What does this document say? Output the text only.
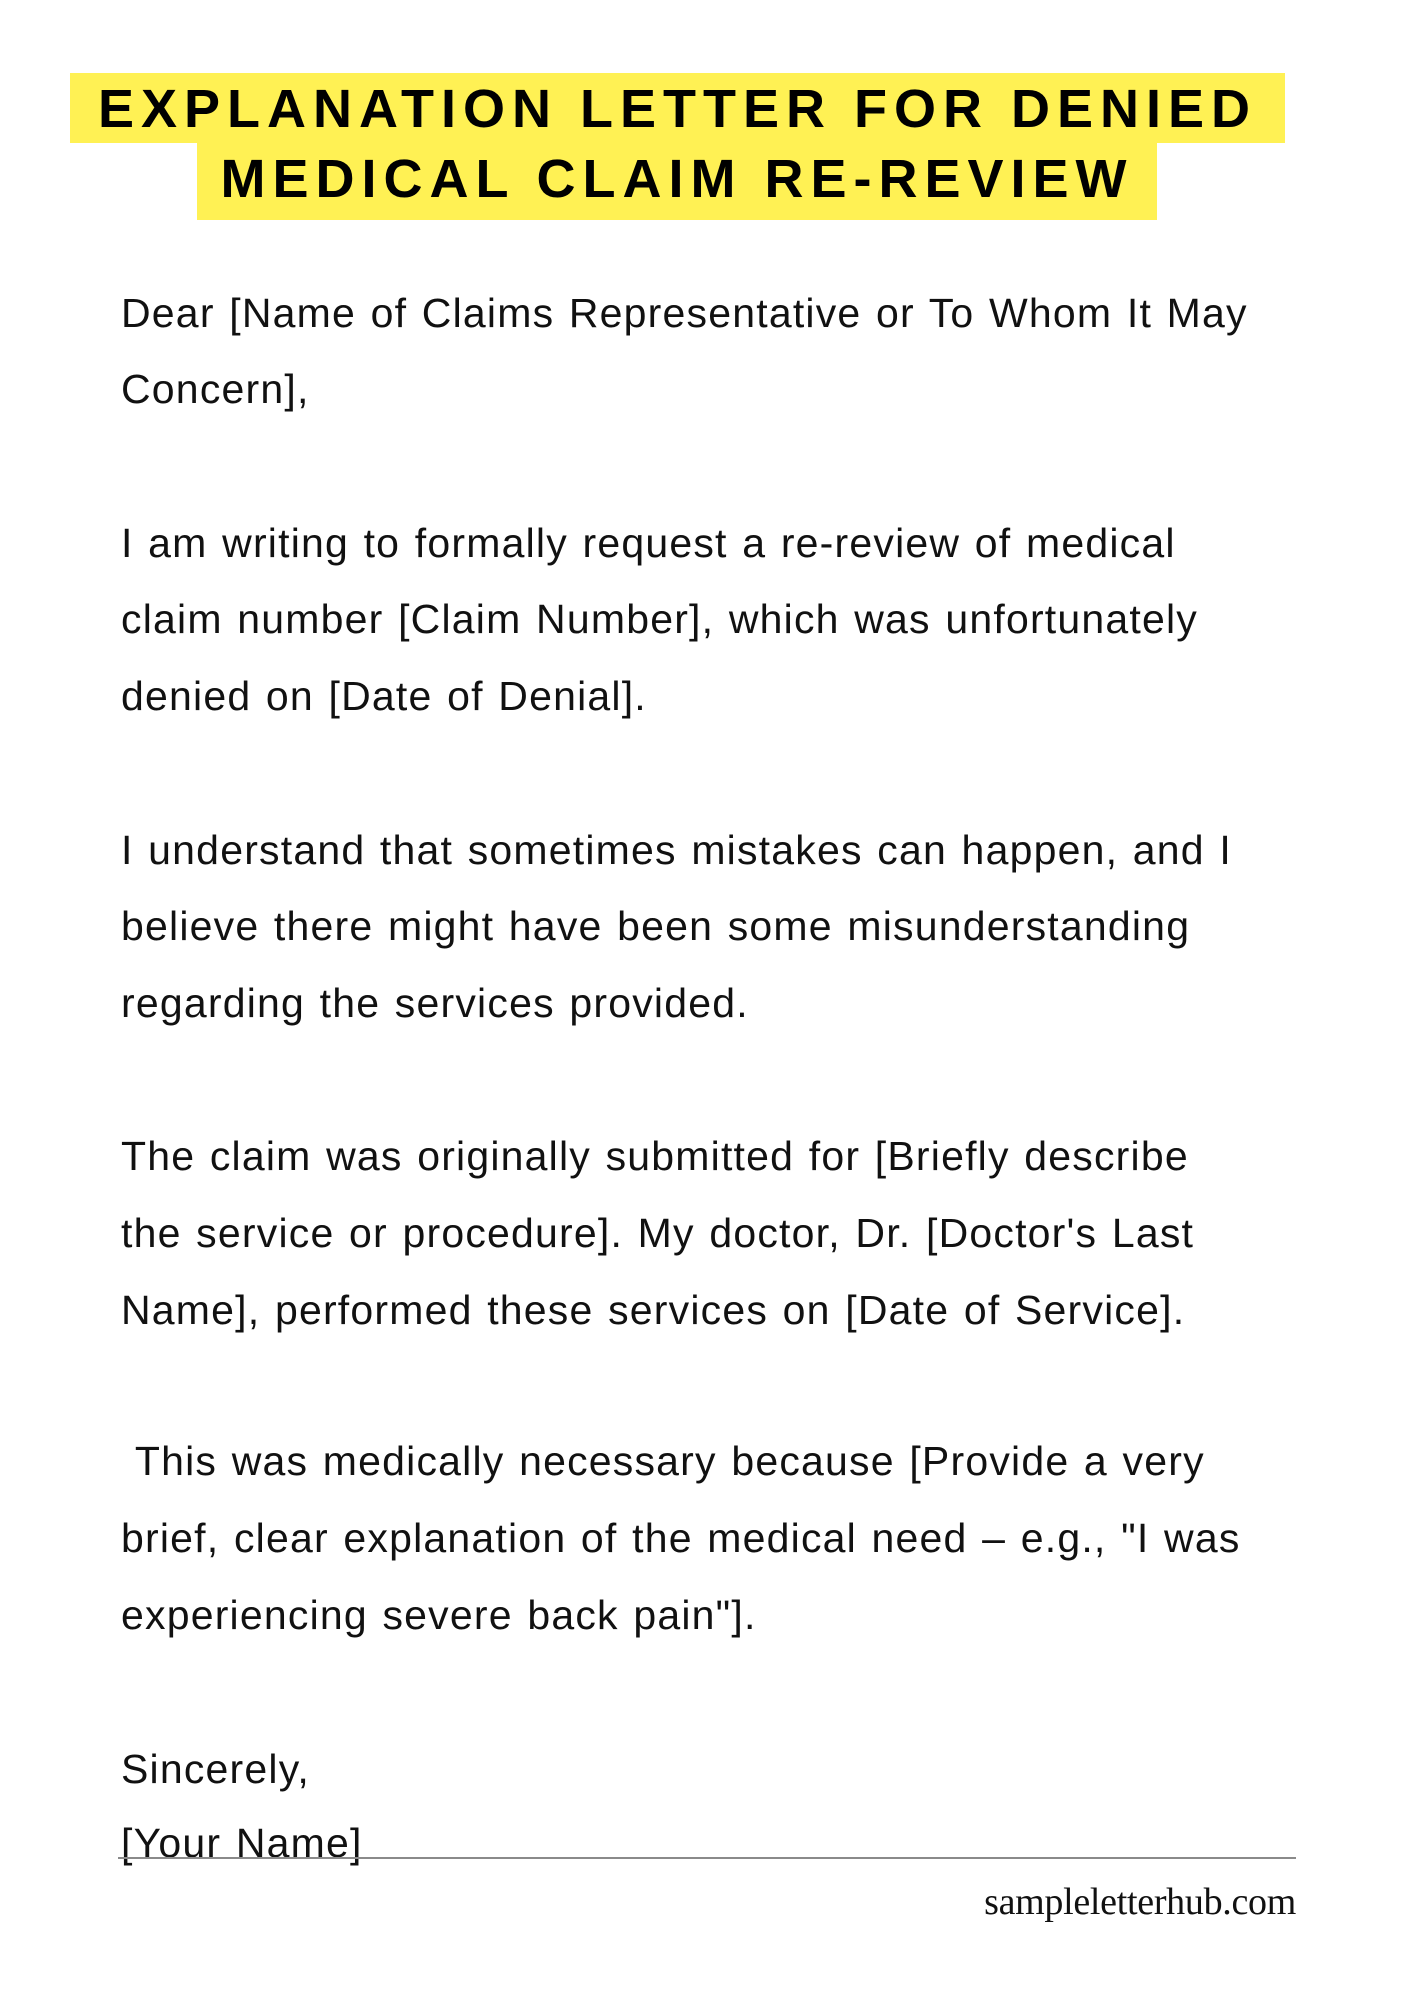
EXPLANATION LETTER FOR DENIED
MEDICAL CLAIM RE-REVIEW
Dear [Name of Claims Representative or To Whom It May
Concern],
I am writing to formally request a re-review of medical
claim number [Claim Number], which was unfortunately
denied on [Date of Denial].
I understand that sometimes mistakes can happen, and I
believe there might have been some misunderstanding
regarding the services provided.
The claim was originally submitted for [Briefly describe
the service or procedure]. My doctor, Dr. [Doctor's Last
Name], performed these services on [Date of Service].
This was medically necessary because [Provide a very
brief, clear explanation of the medical need – e.g., "I was
experiencing severe back pain"].
Sincerely,
[Your Name]
sampleletterhub.com
